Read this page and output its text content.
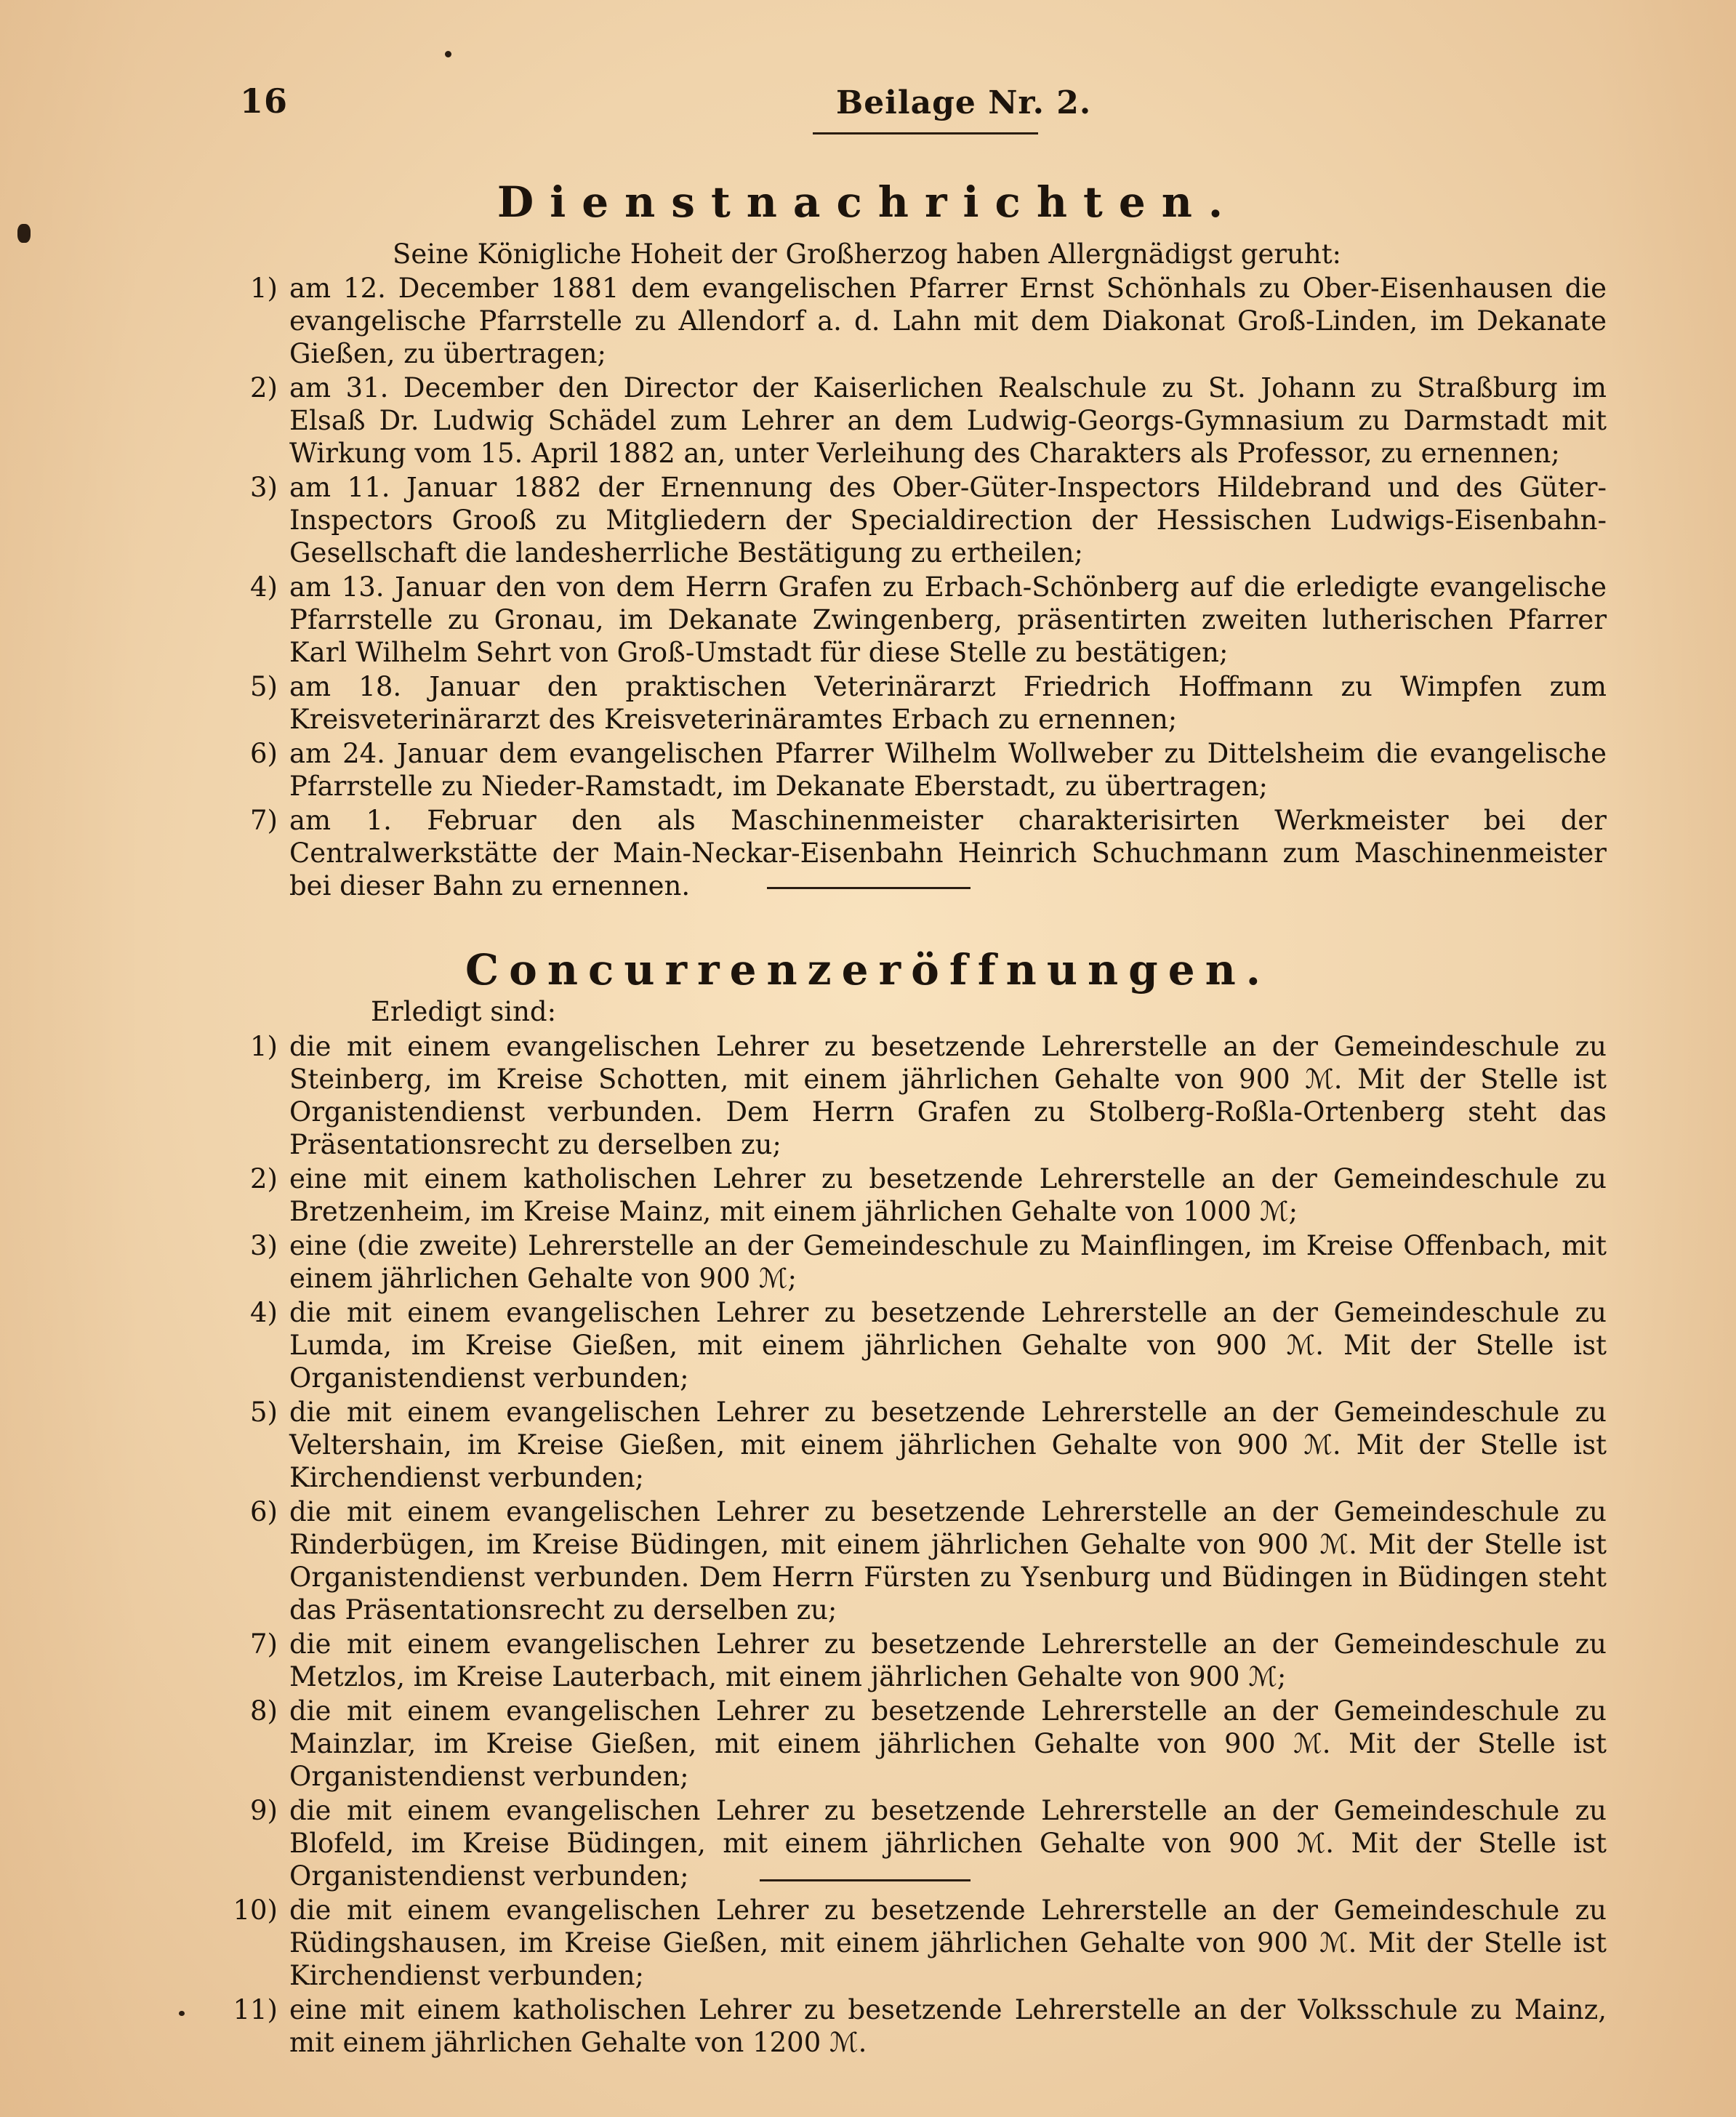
16	Beilage Nr. 2.
Dienstnachrichten.
Seine Königliche Hoheit der Großherzog haben Allergnädigst geruht:
1) am 12. December 1881 dem evangelischen Pfarrer Ernst Schönhals zu Ober-Eisenhausen die evangelische Pfarrstelle zu Allendorf a. d. Lahn mit dem Diakonat Groß-Linden, im Dekanate Gießen, zu übertragen;
2) am 31. December den Director der Kaiserlichen Realschule zu St. Johann zu Straßburg im Elsaß Dr. Ludwig Schädel zum Lehrer an dem Ludwig-Georgs-Gymnasium zu Darmstadt mit Wirkung vom 15. April 1882 an, unter Verleihung des Charakters als Professor, zu ernennen;
3) am 11. Januar 1882 der Ernennung des Ober-Güter-Inspectors Hildebrand und des Güter-Inspectors Grooß zu Mitgliedern der Specialdirection der Hessischen Ludwigs-Eisenbahn-Gesellschaft die landesherrliche Bestätigung zu ertheilen;
4) am 13. Januar den von dem Herrn Grafen zu Erbach-Schönberg auf die erledigte evangelische Pfarrstelle zu Gronau, im Dekanate Zwingenberg, präsentirten zweiten lutherischen Pfarrer Karl Wilhelm Sehrt von Groß-Umstadt für diese Stelle zu bestätigen;
5) am 18. Januar den praktischen Veterinärarzt Friedrich Hoffmann zu Wimpfen zum Kreisveterinärarzt des Kreisveterinäramtes Erbach zu ernennen;
6) am 24. Januar dem evangelischen Pfarrer Wilhelm Wollweber zu Dittelsheim die evangelische Pfarrstelle zu Nieder-Ramstadt, im Dekanate Eberstadt, zu übertragen;
7) am 1. Februar den als Maschinenmeister charakterisirten Werkmeister bei der Centralwerkstätte der Main-Neckar-Eisenbahn Heinrich Schuchmann zum Maschinenmeister bei dieser Bahn zu ernennen.
Concurrenzeröffnungen.
Erledigt sind:
1) die mit einem evangelischen Lehrer zu besetzende Lehrerstelle an der Gemeindeschule zu Steinberg, im Kreise Schotten, mit einem jährlichen Gehalte von 900 ℳ. Mit der Stelle ist Organistendienst verbunden. Dem Herrn Grafen zu Stolberg-Roßla-Ortenberg steht das Präsentationsrecht zu derselben zu;
2) eine mit einem katholischen Lehrer zu besetzende Lehrerstelle an der Gemeindeschule zu Bretzenheim, im Kreise Mainz, mit einem jährlichen Gehalte von 1000 ℳ;
3) eine (die zweite) Lehrerstelle an der Gemeindeschule zu Mainflingen, im Kreise Offenbach, mit einem jährlichen Gehalte von 900 ℳ;
4) die mit einem evangelischen Lehrer zu besetzende Lehrerstelle an der Gemeindeschule zu Lumda, im Kreise Gießen, mit einem jährlichen Gehalte von 900 ℳ. Mit der Stelle ist Organistendienst verbunden;
5) die mit einem evangelischen Lehrer zu besetzende Lehrerstelle an der Gemeindeschule zu Veltershain, im Kreise Gießen, mit einem jährlichen Gehalte von 900 ℳ. Mit der Stelle ist Kirchendienst verbunden;
6) die mit einem evangelischen Lehrer zu besetzende Lehrerstelle an der Gemeindeschule zu Rinderbügen, im Kreise Büdingen, mit einem jährlichen Gehalte von 900 ℳ. Mit der Stelle ist Organistendienst verbunden. Dem Herrn Fürsten zu Ysenburg und Büdingen in Büdingen steht das Präsentationsrecht zu derselben zu;
7) die mit einem evangelischen Lehrer zu besetzende Lehrerstelle an der Gemeindeschule zu Metzlos, im Kreise Lauterbach, mit einem jährlichen Gehalte von 900 ℳ;
8) die mit einem evangelischen Lehrer zu besetzende Lehrerstelle an der Gemeindeschule zu Mainzlar, im Kreise Gießen, mit einem jährlichen Gehalte von 900 ℳ. Mit der Stelle ist Organistendienst verbunden;
9) die mit einem evangelischen Lehrer zu besetzende Lehrerstelle an der Gemeindeschule zu Blofeld, im Kreise Büdingen, mit einem jährlichen Gehalte von 900 ℳ. Mit der Stelle ist Organistendienst verbunden;
10) die mit einem evangelischen Lehrer zu besetzende Lehrerstelle an der Gemeindeschule zu Rüdingshausen, im Kreise Gießen, mit einem jährlichen Gehalte von 900 ℳ. Mit der Stelle ist Kirchendienst verbunden;
11) eine mit einem katholischen Lehrer zu besetzende Lehrerstelle an der Volksschule zu Mainz, mit einem jährlichen Gehalte von 1200 ℳ.
